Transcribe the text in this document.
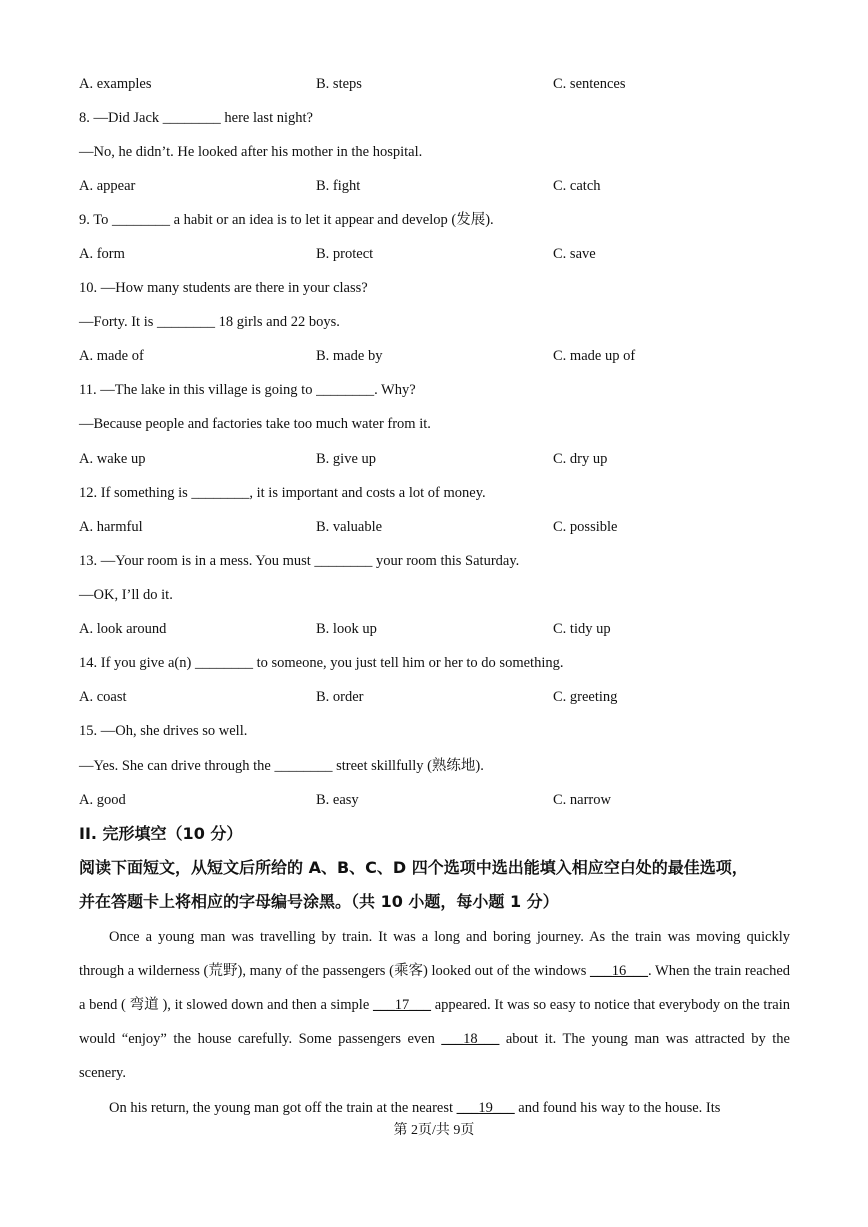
A. examples	B. steps	C. sentences
8. —Did Jack ________ here last night?
—No, he didn’t. He looked after his mother in the hospital.
A. appear	B. fight	C. catch
9. To ________ a habit or an idea is to let it appear and develop (发展).
A. form	B. protect	C. save
10. —How many students are there in your class?
—Forty. It is ________ 18 girls and 22 boys.
A. made of	B. made by	C. made up of
11. —The lake in this village is going to ________. Why?
—Because people and factories take too much water from it.
A. wake up	B. give up	C. dry up
12. If something is ________, it is important and costs a lot of money.
A. harmful	B. valuable	C. possible
13. —Your room is in a mess. You must ________ your room this Saturday.
—OK, I’ll do it.
A. look around	B. look up	C. tidy up
14. If you give a(n) ________ to someone, you just tell him or her to do something.
A. coast	B. order	C. greeting
15. —Oh, she drives so well.
—Yes. She can drive through the ________ street skillfully (熟练地).
A. good	B. easy	C. narrow
II. 完形填空（10 分）
阅读下面短文，从短文后所给的 A、B、C、D 四个选项中选出能填入相应空白处的最佳选项，
并在答题卡上将相应的字母编号涂黑。（共 10 小题，每小题 1 分）
Once a young man was travelling by train. It was a long and boring journey. As the train was moving quickly through a wilderness (荒野), many of the passengers (乘客) looked out of the windows ___16___. When the train reached a bend ( 弯道 ), it slowed down and then a simple ___17___ appeared. It was so easy to notice that everybody on the train would “enjoy” the house carefully. Some passengers even ___18___ about it. The young man was attracted by the scenery.
On his return, the young man got off the train at the nearest ___19___ and found his way to the house. Its
第 2页/共 9页
